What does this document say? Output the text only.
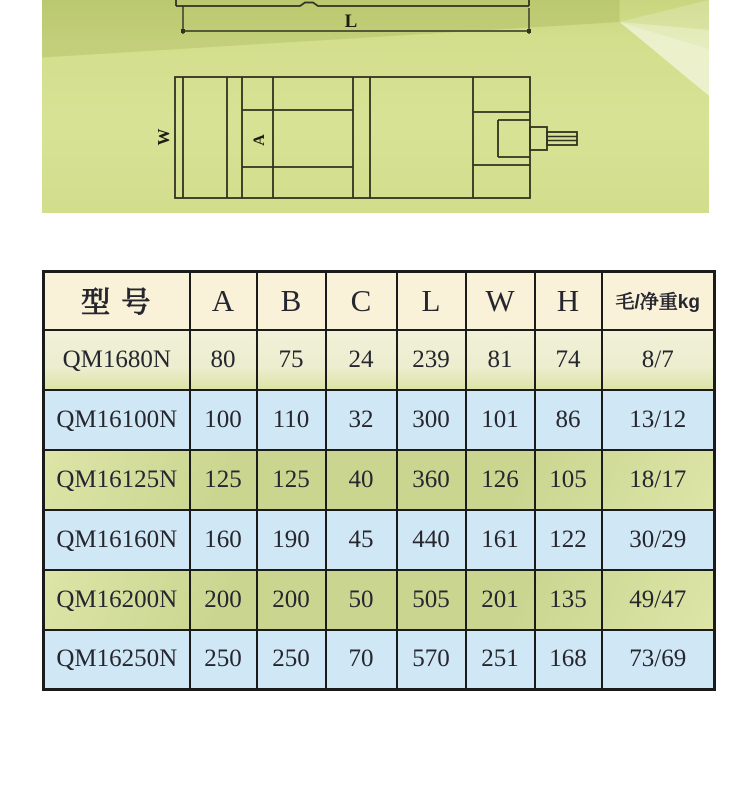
L
W	A
型 号	A	B	C	L	W	H	毛/净重kg
QM1680N	80	75	24	239	81	74	8/7
QM16100N	100	110	32	300	101	86	13/12
QM16125N	125	125	40	360	126	105	18/17
QM16160N	160	190	45	440	161	122	30/29
QM16200N	200	200	50	505	201	135	49/47
QM16250N	250	250	70	570	251	168	73/69
